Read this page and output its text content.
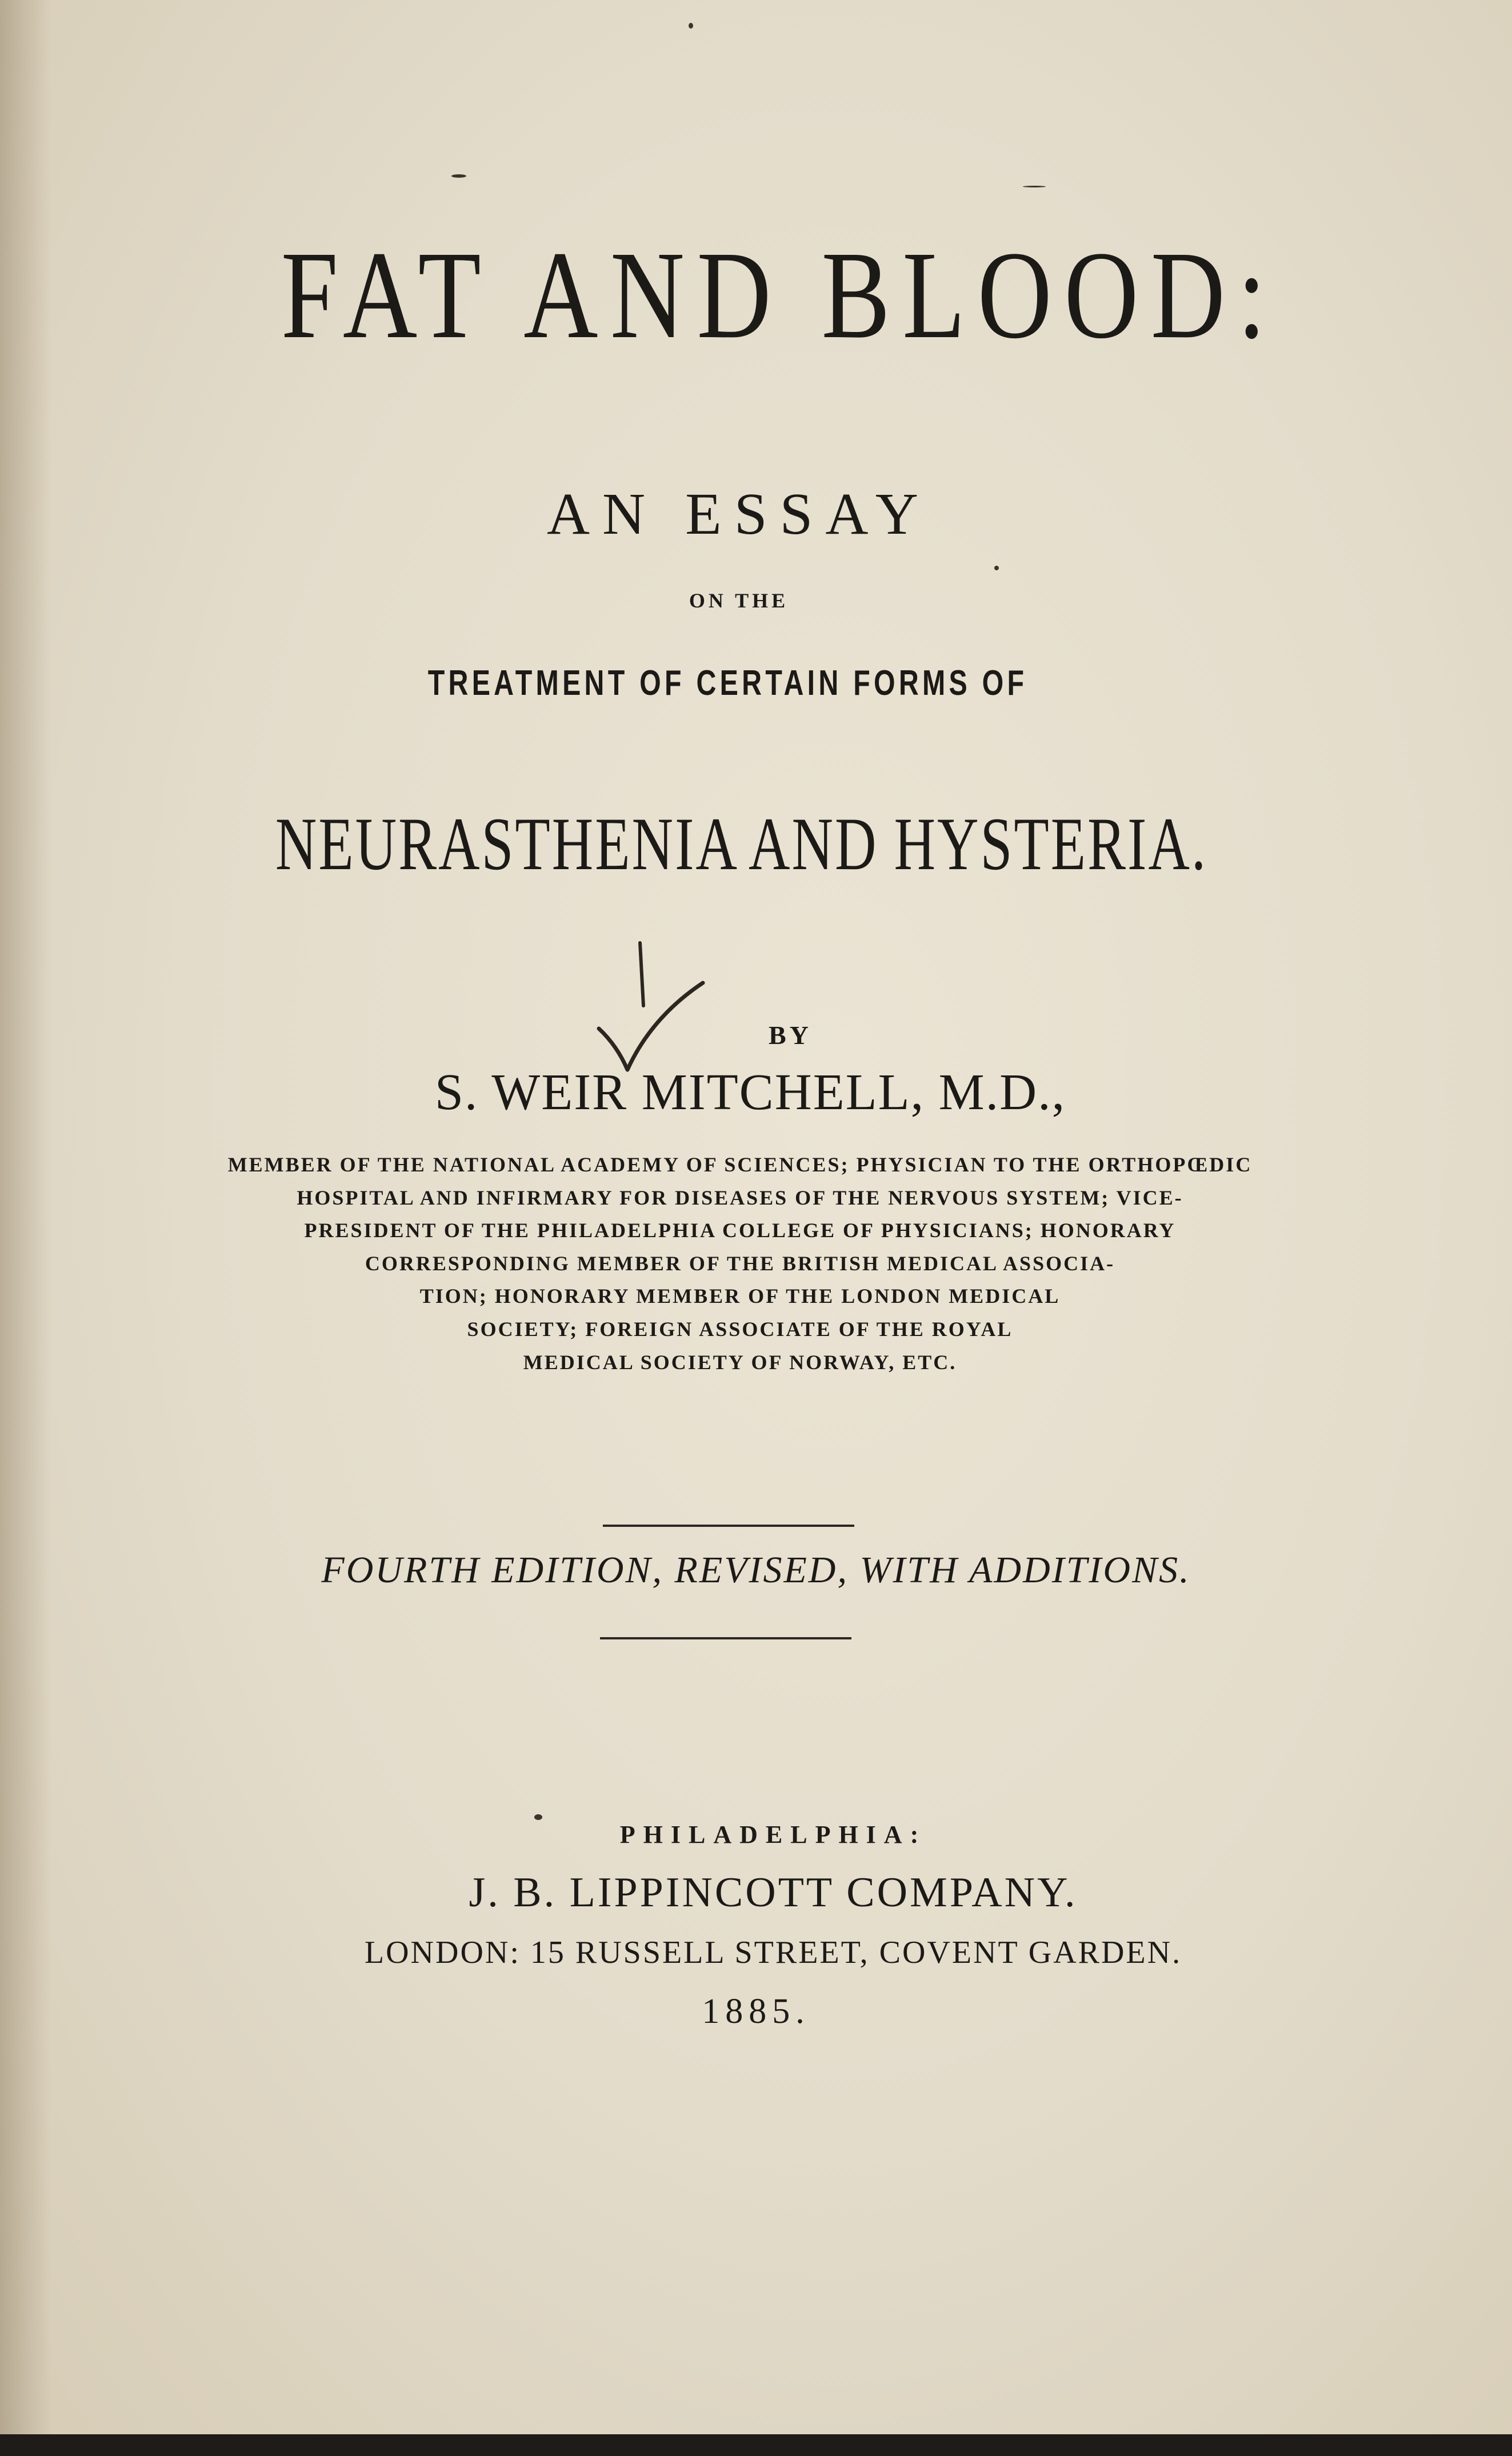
FAT AND BLOOD:
AN ESSAY
ON THE
TREATMENT OF CERTAIN FORMS OF
NEURASTHENIA AND HYSTERIA.
BY
S. WEIR MITCHELL, M.D.,
MEMBER OF THE NATIONAL ACADEMY OF SCIENCES; PHYSICIAN TO THE ORTHOPŒDIC
HOSPITAL AND INFIRMARY FOR DISEASES OF THE NERVOUS SYSTEM; VICE-
PRESIDENT OF THE PHILADELPHIA COLLEGE OF PHYSICIANS; HONORARY
CORRESPONDING MEMBER OF THE BRITISH MEDICAL ASSOCIA-
TION; HONORARY MEMBER OF THE LONDON MEDICAL
SOCIETY; FOREIGN ASSOCIATE OF THE ROYAL
MEDICAL SOCIETY OF NORWAY, ETC.
FOURTH EDITION, REVISED, WITH ADDITIONS.
PHILADELPHIA:
J. B. LIPPINCOTT COMPANY.
LONDON: 15 RUSSELL STREET, COVENT GARDEN.
1885.
